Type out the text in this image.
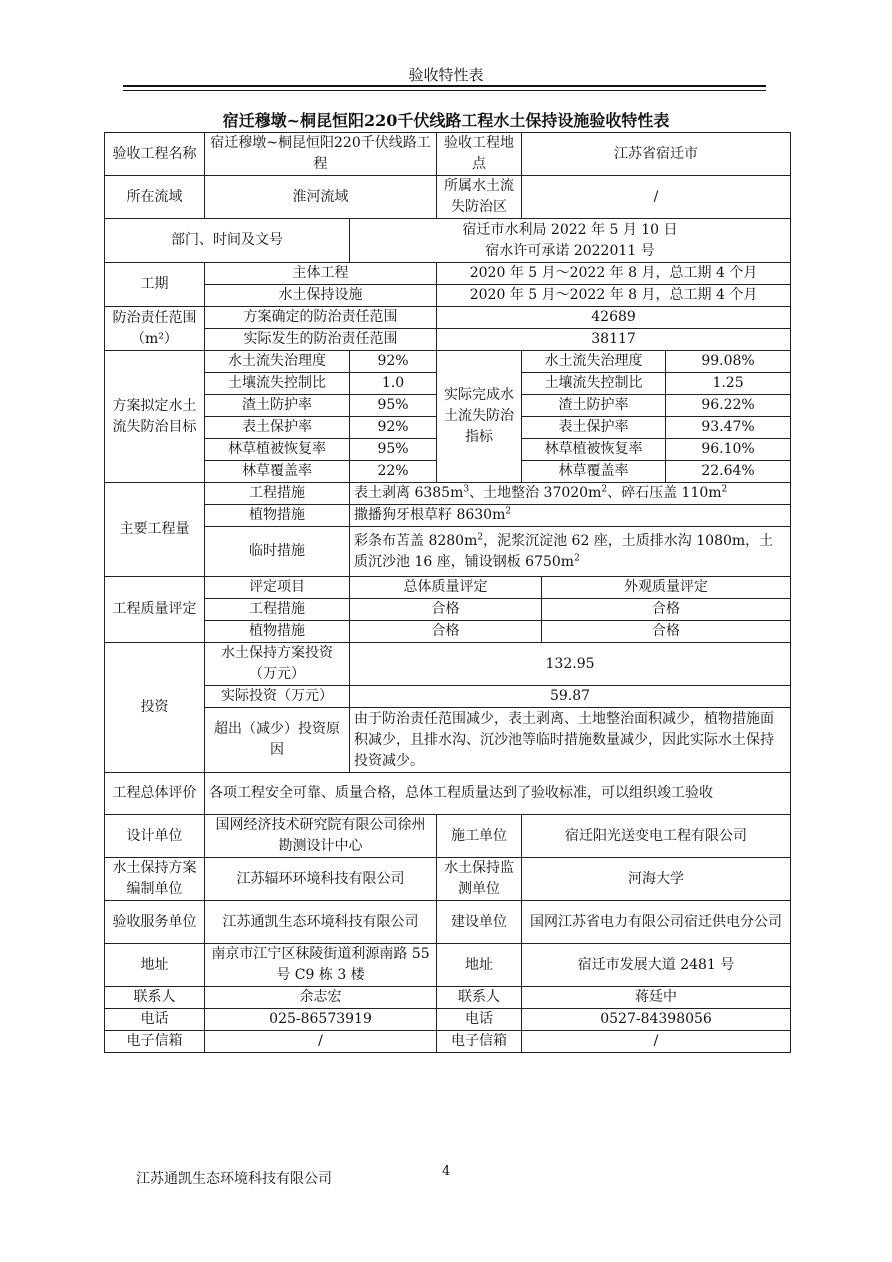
验收特性表
宿迁穆墩~桐昆恒阳220千伏线路工程水土保持设施验收特性表
验收工程名称	宿迁穆墩~桐昆恒阳220千伏线路工程		验收工程地点	江苏省宿迁市		
所在流域	淮河流域		所属水土流失防治区	/		
部门、时间及文号		宿迁市水利局 2022 年 5 月 10 日
宿水许可承诺 2022011 号				

工期	主体工程		2020 年 5 月～2022 年 8 月，总工期 4 个月			
	水土保持设施		2020 年 5 月～2022 年 8 月，总工期 4 个月			
防治责任范围（m²）	方案确定的防治责任范围		42689			
	实际发生的防治责任范围		38117			
方案拟定水土流失防治目标	水土流失治理度	92%	实际完成水土流失防治指标	水土流失治理度		99.08%
	土壤流失控制比	1.0		土壤流失控制比		1.25
	渣土防护率	95%		渣土防护率		96.22%
	表土保护率	92%		表土保护率		93.47%
	林草植被恢复率	95%		林草植被恢复率		96.10%
	林草覆盖率	22%		林草覆盖率		22.64%
主要工程量	工程措施	表土剥离 $6385m^3$、土地整治 $37020m^2$、碎石压盖 $110m^2$
	植物措施	撒播狗牙根草籽 $8630m^2$
	临时措施	彩条布苫盖 $8280m^2$，泥浆沉淀池 62 座，土质排水沟 1080m，土质沉沙池 16 座，铺设钢板 $6750m^2$
工程质量评定	评定项目	总体质量评定			外观质量评定	
	工程措施	合格			合格	
	植物措施	合格			合格	
投资	水土保持方案投资（万元）	132.95				
	实际投资（万元）	59.87				
	超出（减少）投资原因	由于防治责任范围减少，表土剥离、土地整治面积减少，植物措施面积减少，且排水沟、沉沙池等临时措施数量减少，因此实际水土保持投资减少。				
工程总体评价	各项工程安全可靠、质量合格，总体工程质量达到了验收标准，可以组织竣工验收					
设计单位	国网经济技术研究院有限公司徐州勘测设计中心		施工单位	宿迁阳光送变电工程有限公司		
水土保持方案编制单位	江苏辐环环境科技有限公司		水土保持监测单位	河海大学		
验收服务单位	江苏通凯生态环境科技有限公司		建设单位	国网江苏省电力有限公司宿迁供电分公司		
地址	南京市江宁区秣陵街道利源南路 55 号 C9 栋 3 楼		地址	宿迁市发展大道 2481 号		
联系人	余志宏		联系人	蒋廷中		
电话	025-86573919		电话	0527-84398056		
电子信箱	/		电子信箱	/		
江苏通凯生态环境科技有限公司	4
